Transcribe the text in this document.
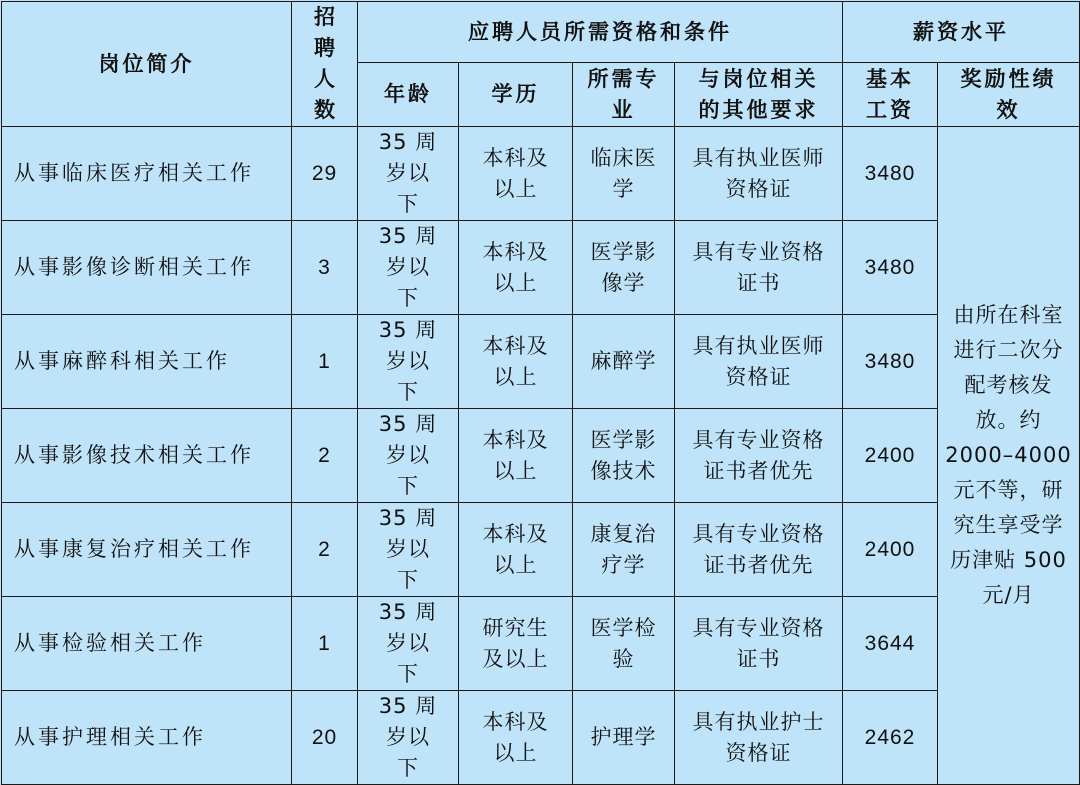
岗位简介	招聘人数	应聘人员所需资格和条件				薪资水平	
		年龄	学历	所需专业	与岗位相关的其他要求	基本工资	奖励性绩效
从事临床医疗相关工作	29	35 周岁以下	本科及以上	临床医学	具有执业医师资格证	3480	由所在科室进行二次分配考核发放。约2000–4000元不等，研究生享受学历津贴 500 元/月
从事影像诊断相关工作	3	35 周岁以下	本科及以上	医学影像学	具有专业资格证书	3480	
从事麻醉科相关工作	1	35 周岁以下	本科及以上	麻醉学	具有执业医师资格证	3480	
从事影像技术相关工作	2	35 周岁以下	本科及以上	医学影像技术	具有专业资格证书者优先	2400	
从事康复治疗相关工作	2	35 周岁以下	本科及以上	康复治疗学	具有专业资格证书者优先	2400	
从事检验相关工作	1	35 周岁以下	研究生及以上	医学检验	具有专业资格证书	3644	
从事护理相关工作	20	35 周岁以下	本科及以上	护理学	具有执业护士资格证	2462	
